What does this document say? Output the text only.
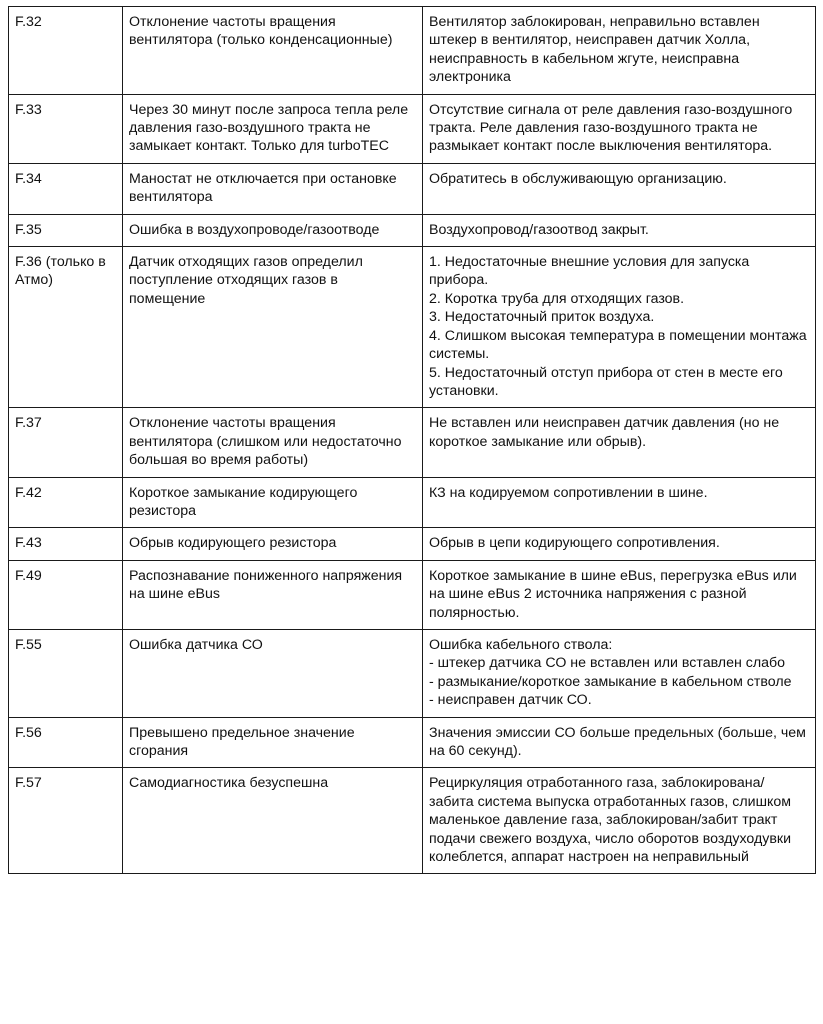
F.32	Отклонение частоты вращения вентилятора (только конденсационные)	Вентилятор заблокирован, неправильно вставлен штекер в вентилятор, неисправен датчик Холла, неисправность в кабельном жгуте, неисправна электроника

F.33	Через 30 минут после запроса тепла реле давления газо-воздушного тракта не замыкает контакт. Только для turboTEC	Отсутствие сигнала от реле давления газо-воздушного тракта. Реле давления газо-воздушного тракта не размыкает контакт после выключения вентилятора.

F.34	Маностат не отключается при остановке вентилятора	Обратитесь в обслуживающую организацию.

F.35	Ошибка в воздухопроводе/газоотводе	Воздухопровод/газоотвод закрыт.

F.36 (только в Атмо)	Датчик отходящих газов определил поступление отходящих газов в помещение	1. Недостаточные внешние условия для запуска прибора.
2. Коротка труба для отходящих газов.
3. Недостаточный приток воздуха.
4. Слишком высокая температура в помещении монтажа системы.
5. Недостаточный отступ прибора от стен в месте его установки.

F.37	Отклонение частоты вращения вентилятора (слишком или недостаточно большая во время работы)	Не вставлен или неисправен датчик давления (но не короткое замыкание или обрыв).

F.42	Короткое замыкание кодирующего резистора	КЗ на кодируемом сопротивлении в шине.

F.43	Обрыв кодирующего резистора	Обрыв в цепи кодирующего сопротивления.

F.49	Распознавание пониженного напряжения на шине eBus	Короткое замыкание в шине eBus, перегрузка eBus или на шине eBus 2 источника напряжения с разной полярностью.

F.55	Ошибка датчика СО	Ошибка кабельного ствола:
- штекер датчика СО не вставлен или вставлен слабо
- размыкание/короткое замыкание в кабельном стволе
- неисправен датчик СО.

F.56	Превышено предельное значение сгорания	Значения эмиссии СО больше предельных (больше, чем на 60 секунд).

F.57	Самодиагностика безуспешна	Рециркуляция отработанного газа, заблокирована/забита система выпуска отработанных газов, слишком маленькое давление газа, заблокирован/забит тракт подачи свежего воздуха, число оборотов воздуходувки колеблется, аппарат настроен на неправильный
